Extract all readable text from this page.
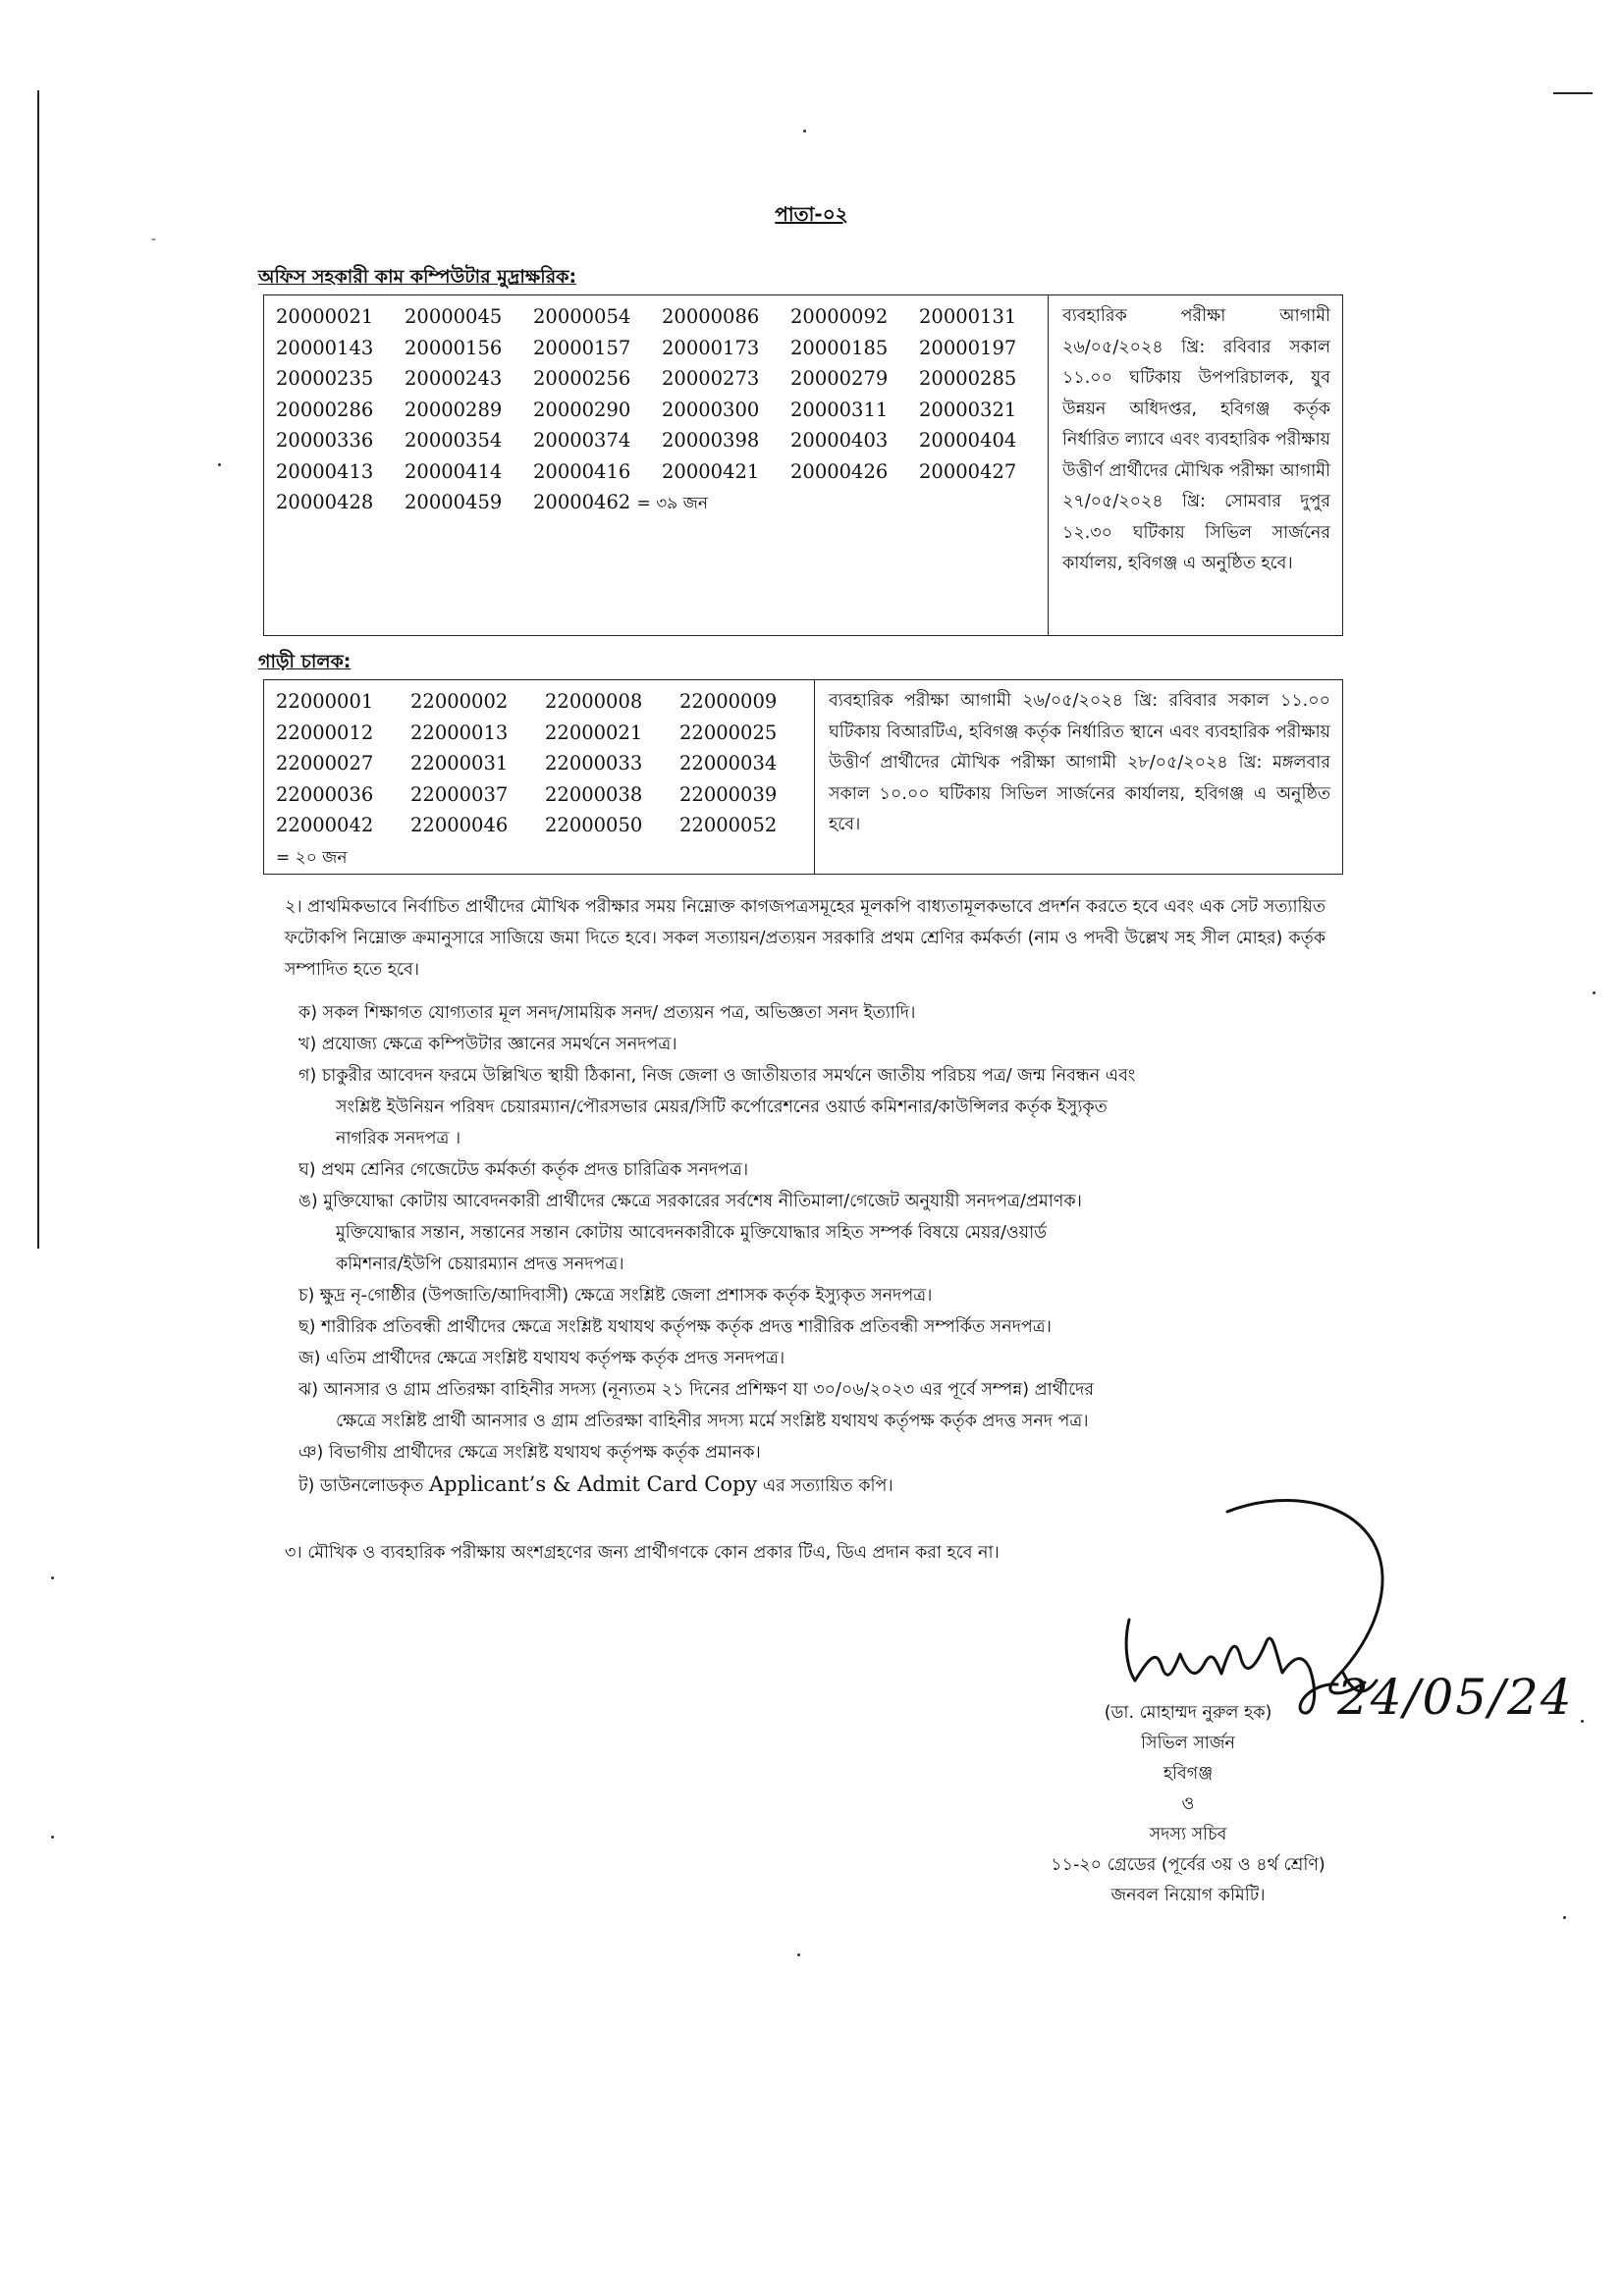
-
পাতা-০২
অফিস সহকারী কাম কম্পিউটার মুদ্রাক্ষরিক:
20000021 20000045 20000054 20000086 20000092 20000131
20000143 20000156 20000157 20000173 20000185 20000197
20000235 20000243 20000256 20000273 20000279 20000285
20000286 20000289 20000290 20000300 20000311 20000321
20000336 20000354 20000374 20000398 20000403 20000404
20000413 20000414 20000416 20000421 20000426 20000427
20000428 20000459 20000462 = ৩৯ জন

ব্যবহারিক পরীক্ষা আগামী ২৬/০৫/২০২৪ খ্রি: রবিবার সকাল ১১.০০ ঘটিকায় উপপরিচালক, যুব উন্নয়ন অধিদপ্তর, হবিগঞ্জ কর্তৃক নির্ধারিত ল্যাবে এবং ব্যবহারিক পরীক্ষায় উত্তীর্ণ প্রার্থীদের মৌখিক পরীক্ষা আগামী ২৭/০৫/২০২৪ খ্রি: সোমবার দুপুর ১২.৩০ ঘটিকায় সিভিল সার্জনের কার্যালয়, হবিগঞ্জ এ অনুষ্ঠিত হবে।
গাড়ী চালক:
22000001 22000002 22000008 22000009
22000012 22000013 22000021 22000025
22000027 22000031 22000033 22000034
22000036 22000037 22000038 22000039
22000042 22000046 22000050 22000052
= ২০ জন

ব্যবহারিক পরীক্ষা আগামী ২৬/০৫/২০২৪ খ্রি: রবিবার সকাল ১১.০০ ঘটিকায় বিআরটিএ, হবিগঞ্জ কর্তৃক নির্ধারিত স্থানে এবং ব্যবহারিক পরীক্ষায় উত্তীর্ণ প্রার্থীদের মৌখিক পরীক্ষা আগামী ২৮/০৫/২০২৪ খ্রি: মঙ্গলবার সকাল ১০.০০ ঘটিকায় সিভিল সার্জনের কার্যালয়, হবিগঞ্জ এ অনুষ্ঠিত হবে।
২। প্রাথমিকভাবে নির্বাচিত প্রার্থীদের মৌখিক পরীক্ষার সময় নিম্নোক্ত কাগজপত্রসমূহের মূলকপি বাধ্যতামূলকভাবে প্রদর্শন করতে হবে এবং এক সেট সত্যায়িত ফটোকপি নিম্নোক্ত ক্রমানুসারে সাজিয়ে জমা দিতে হবে। সকল সত্যায়ন/প্রত্যয়ন সরকারি প্রথম শ্রেণির কর্মকর্তা (নাম ও পদবী উল্লেখ সহ সীল মোহর) কর্তৃক সম্পাদিত হতে হবে।
ক) সকল শিক্ষাগত যোগ্যতার মূল সনদ/সাময়িক সনদ/ প্রত্যয়ন পত্র, অভিজ্ঞতা সনদ ইত্যাদি।
খ) প্রযোজ্য ক্ষেত্রে কম্পিউটার জ্ঞানের সমর্থনে সনদপত্র।
গ) চাকুরীর আবেদন ফরমে উল্লিখিত স্থায়ী ঠিকানা, নিজ জেলা ও জাতীয়তার সমর্থনে জাতীয় পরিচয় পত্র/ জন্ম নিবন্ধন এবং
সংশ্লিষ্ট ইউনিয়ন পরিষদ চেয়ারম্যান/পৌরসভার মেয়র/সিটি কর্পোরেশনের ওয়ার্ড কমিশনার/কাউন্সিলর কর্তৃক ইস্যুকৃত
নাগরিক সনদপত্র ।
ঘ) প্রথম শ্রেনির গেজেটেড কর্মকর্তা কর্তৃক প্রদত্ত চারিত্রিক সনদপত্র।
ঙ) মুক্তিযোদ্ধা কোটায় আবেদনকারী প্রার্থীদের ক্ষেত্রে সরকারের সর্বশেষ নীতিমালা/গেজেট অনুযায়ী সনদপত্র/প্রমাণক।
মুক্তিযোদ্ধার সন্তান, সন্তানের সন্তান কোটায় আবেদনকারীকে মুক্তিযোদ্ধার সহিত সম্পর্ক বিষয়ে মেয়র/ওয়ার্ড
কমিশনার/ইউপি চেয়ারম্যান প্রদত্ত সনদপত্র।
চ) ক্ষুদ্র নৃ-গোষ্ঠীর (উপজাতি/আদিবাসী) ক্ষেত্রে সংশ্লিষ্ট জেলা প্রশাসক কর্তৃক ইস্যুকৃত সনদপত্র।
ছ) শারীরিক প্রতিবন্ধী প্রার্থীদের ক্ষেত্রে সংশ্লিষ্ট যথাযথ কর্তৃপক্ষ কর্তৃক প্রদত্ত শারীরিক প্রতিবন্ধী সম্পর্কিত সনদপত্র।
জ) এতিম প্রার্থীদের ক্ষেত্রে সংশ্লিষ্ট যথাযথ কর্তৃপক্ষ কর্তৃক প্রদত্ত সনদপত্র।
ঝ) আনসার ও গ্রাম প্রতিরক্ষা বাহিনীর সদস্য (নূন্যতম ২১ দিনের প্রশিক্ষণ যা ৩০/০৬/২০২৩ এর পূর্বে সম্পন্ন) প্রার্থীদের
ক্ষেত্রে সংশ্লিষ্ট প্রার্থী আনসার ও গ্রাম প্রতিরক্ষা বাহিনীর সদস্য মর্মে সংশ্লিষ্ট যথাযথ কর্তৃপক্ষ কর্তৃক প্রদত্ত সনদ পত্র।
ঞ) বিভাগীয় প্রার্থীদের ক্ষেত্রে সংশ্লিষ্ট যথাযথ কর্তৃপক্ষ কর্তৃক প্রমানক।
ট) ডাউনলোডকৃত Applicant’s & Admit Card Copy এর সত্যায়িত কপি।
৩। মৌখিক ও ব্যবহারিক পরীক্ষায় অংশগ্রহণের জন্য প্রার্থীগণকে কোন প্রকার টিএ, ডিএ প্রদান করা হবে না।
24/05/24
(ডা. মোহাম্মদ নুরুল হক)
সিভিল সার্জন
হবিগঞ্জ
ও
সদস্য সচিব
১১-২০ গ্রেডের (পূর্বের ৩য় ও ৪র্থ শ্রেণি)
জনবল নিয়োগ কমিটি।
